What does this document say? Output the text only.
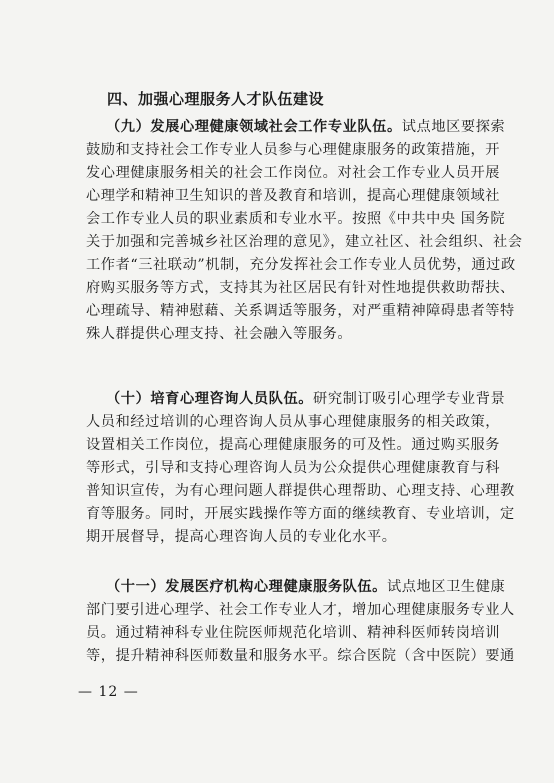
四、加强心理服务人才队伍建设
（九）发展心理健康领域社会工作专业队伍。试点地区要探索
鼓励和支持社会工作专业人员参与心理健康服务的政策措施，开
发心理健康服务相关的社会工作岗位。对社会工作专业人员开展
心理学和精神卫生知识的普及教育和培训，提高心理健康领域社
会工作专业人员的职业素质和专业水平。按照《中共中央 国务院
关于加强和完善城乡社区治理的意见》，建立社区、社会组织、社会
工作者“三社联动”机制，充分发挥社会工作专业人员优势，通过政
府购买服务等方式，支持其为社区居民有针对性地提供救助帮扶、
心理疏导、精神慰藉、关系调适等服务，对严重精神障碍患者等特
殊人群提供心理支持、社会融入等服务。
（十）培育心理咨询人员队伍。研究制订吸引心理学专业背景
人员和经过培训的心理咨询人员从事心理健康服务的相关政策，
设置相关工作岗位，提高心理健康服务的可及性。通过购买服务
等形式，引导和支持心理咨询人员为公众提供心理健康教育与科
普知识宣传，为有心理问题人群提供心理帮助、心理支持、心理教
育等服务。同时，开展实践操作等方面的继续教育、专业培训，定
期开展督导，提高心理咨询人员的专业化水平。
（十一）发展医疗机构心理健康服务队伍。试点地区卫生健康
部门要引进心理学、社会工作专业人才，增加心理健康服务专业人
员。通过精神科专业住院医师规范化培训、精神科医师转岗培训
等，提升精神科医师数量和服务水平。综合医院（含中医院）要通

— 12 —
